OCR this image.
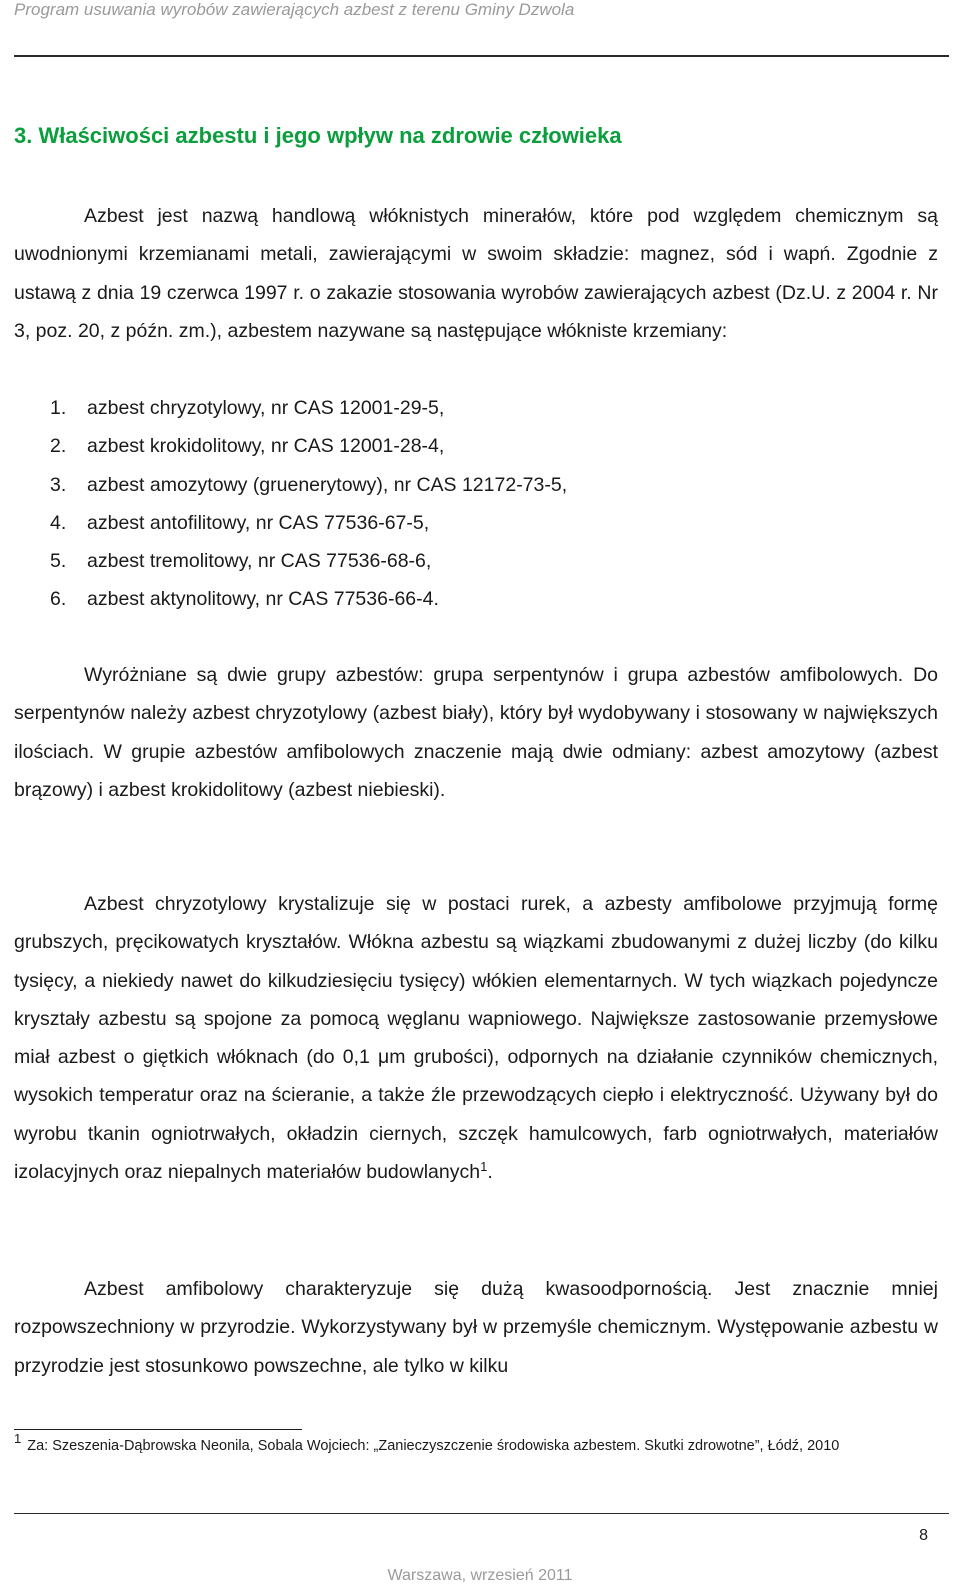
Program usuwania wyrobów zawierających azbest z terenu Gminy Dzwola
3. Właściwości azbestu i jego wpływ na zdrowie człowieka

Azbest jest nazwą handlową włóknistych minerałów, które pod względem chemicznym są uwodnionymi krzemianami metali, zawierającymi w swoim składzie: magnez, sód i wapń. Zgodnie z ustawą z dnia 19 czerwca 1997 r. o zakazie stosowania wyrobów zawierających azbest (Dz.U. z 2004 r. Nr 3, poz. 20, z późn. zm.), azbestem nazywane są następujące włókniste krzemiany:

1. azbest chryzotylowy, nr CAS 12001-29-5,
2. azbest krokidolitowy, nr CAS 12001-28-4,
3. azbest amozytowy (gruenerytowy), nr CAS 12172-73-5,
4. azbest antofilitowy, nr CAS 77536-67-5,
5. azbest tremolitowy, nr CAS 77536-68-6,
6. azbest aktynolitowy, nr CAS 77536-66-4.

Wyróżniane są dwie grupy azbestów: grupa serpentynów i grupa azbestów amfibolowych. Do serpentynów należy azbest chryzotylowy (azbest biały), który był wydobywany i stosowany w największych ilościach. W grupie azbestów amfibolowych znaczenie mają dwie odmiany: azbest amozytowy (azbest brązowy) i azbest krokidolitowy (azbest niebieski).

Azbest chryzotylowy krystalizuje się w postaci rurek, a azbesty amfibolowe przyjmują formę grubszych, pręcikowatych kryształów. Włókna azbestu są wiązkami zbudowanymi z dużej liczby (do kilku tysięcy, a niekiedy nawet do kilkudziesięciu tysięcy) włókien elementarnych. W tych wiązkach pojedyncze kryształy azbestu są spojone za pomocą węglanu wapniowego. Największe zastosowanie przemysłowe miał azbest o giętkich włóknach (do 0,1 μm grubości), odpornych na działanie czynników chemicznych, wysokich temperatur oraz na ścieranie, a także źle przewodzących ciepło i elektryczność. Używany był do wyrobu tkanin ogniotrwałych, okładzin ciernych, szczęk hamulcowych, farb ogniotrwałych, materiałów izolacyjnych oraz niepalnych materiałów budowlanych$^1$.

Azbest amfibolowy charakteryzuje się dużą kwasoodpornością. Jest znacznie mniej rozpowszechniony w przyrodzie. Wykorzystywany był w przemyśle chemicznym. Występowanie azbestu w przyrodzie jest stosunkowo powszechne, ale tylko w kilku

1 Za: Szeszenia-Dąbrowska Neonila, Sobala Wojciech: „Zanieczyszczenie środowiska azbestem. Skutki zdrowotne”, Łódź, 2010

8
Warszawa, wrzesień 2011
